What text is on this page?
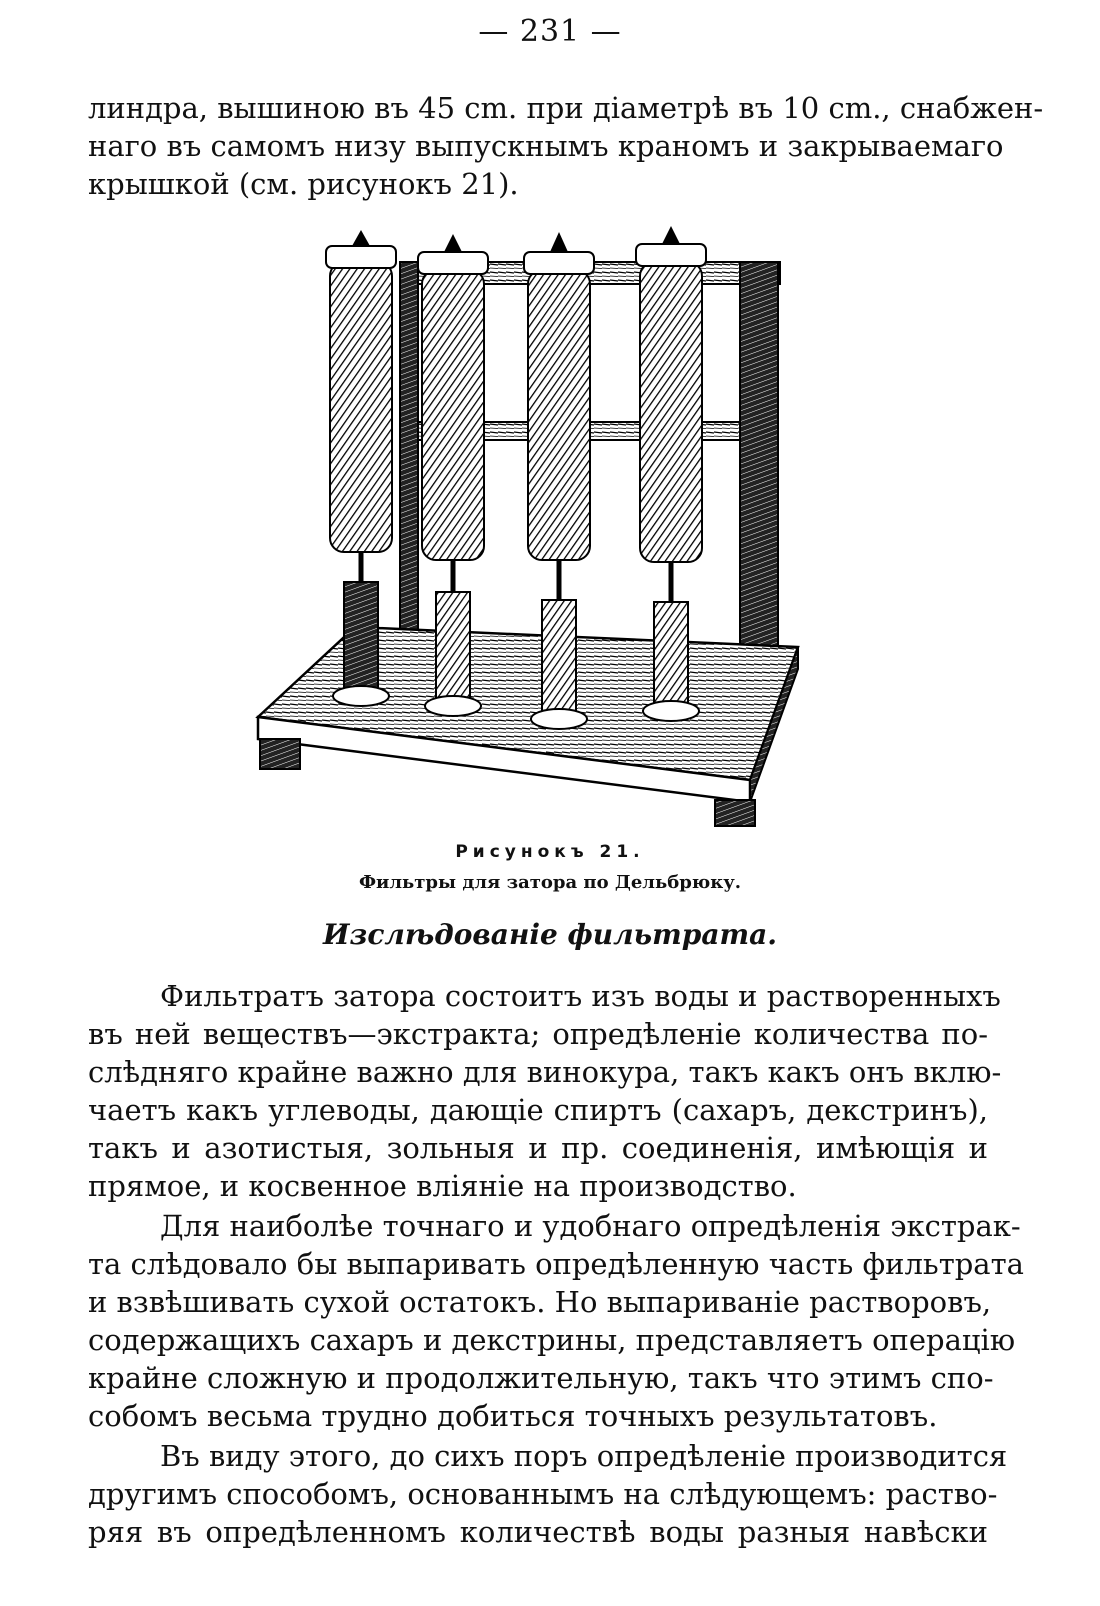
— 231 —
линдра, вышиною въ 45 cm. при діаметрѣ въ 10 cm., снабжен-
наго въ самомъ низу выпускнымъ краномъ и закрываемаго
крышкой (см. рисунокъ 21).
Рисунокъ 21.
Фильтры для затора по Дельбрюку.
Изслѣдованіе фильтрата.
Фильтратъ затора состоитъ изъ воды и растворенныхъ
въ ней веществъ—экстракта; опредѣленіе количества по-
слѣдняго крайне важно для винокура, такъ какъ онъ вклю-
чаетъ какъ углеводы, дающіе спиртъ (сахаръ, декстринъ),
такъ и азотистыя, зольныя и пр. соединенія, имѣющія и
прямое, и косвенное вліяніе на производство.
Для наиболѣе точнаго и удобнаго опредѣленія экстрак-
та слѣдовало бы выпаривать опредѣленную часть фильтрата
и взвѣшивать сухой остатокъ. Но выпариваніе растворовъ,
содержащихъ сахаръ и декстрины, представляетъ операцію
крайне сложную и продолжительную, такъ что этимъ спо-
собомъ весьма трудно добиться точныхъ результатовъ.
Въ виду этого, до сихъ поръ опредѣленіе производится
другимъ способомъ, основаннымъ на слѣдующемъ: раство-
ряя въ опредѣленномъ количествѣ воды разныя навѣски
